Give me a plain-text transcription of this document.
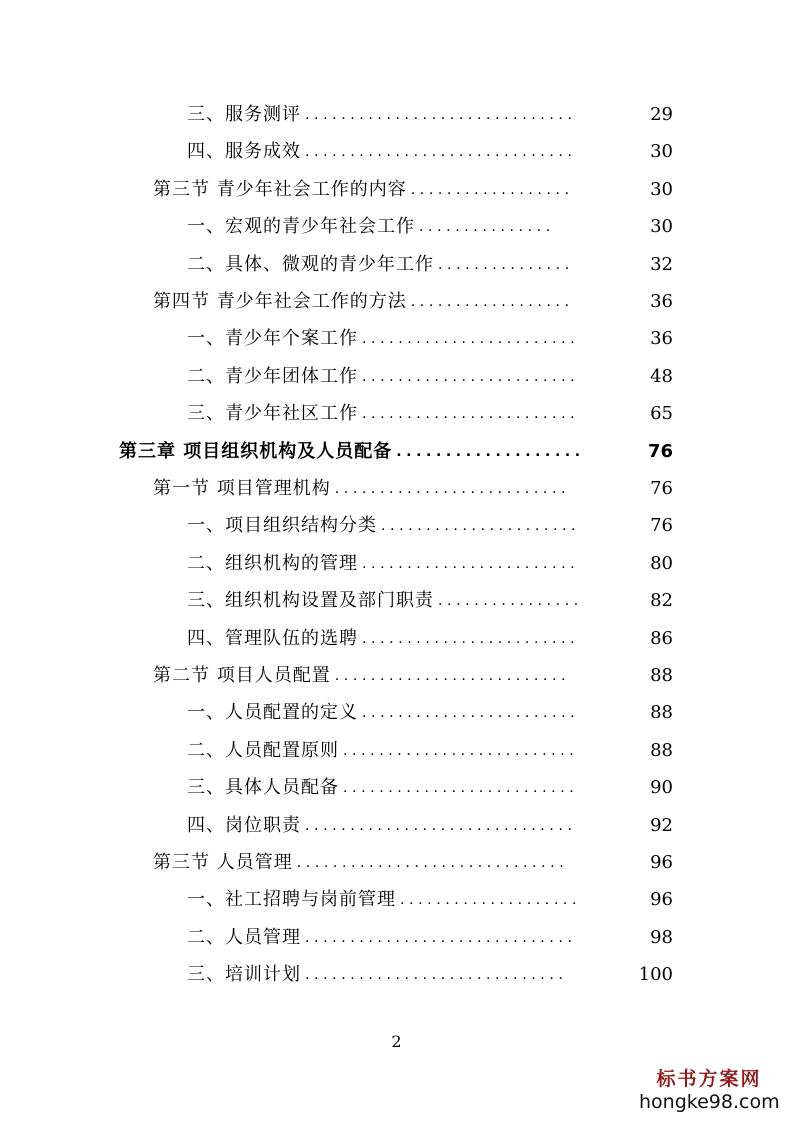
三、服务测评 ..............................	29
四、服务成效 ..............................	30
第三节 青少年社会工作的内容 ..................	30
一、宏观的青少年社会工作 ...............	30
二、具体、微观的青少年工作 ...............	32
第四节 青少年社会工作的方法 ..................	36
一、青少年个案工作 ........................	36
二、青少年团体工作 ........................	48
三、青少年社区工作 ........................	65
第三章 项目组织机构及人员配备 ...................	76
第一节 项目管理机构 ..........................	76
一、项目组织结构分类 ......................	76
二、组织机构的管理 ........................	80
三、组织机构设置及部门职责 ................	82
四、管理队伍的选聘 ........................	86
第二节 项目人员配置 ..........................	88
一、人员配置的定义 ........................	88
二、人员配置原则 ..........................	88
三、具体人员配备 ..........................	90
四、岗位职责 ..............................	92
第三节 人员管理 ..............................	96
一、社工招聘与岗前管理 ....................	96
二、人员管理 ..............................	98
三、培训计划 .............................	100
2
标书方案网
hongke98.com
